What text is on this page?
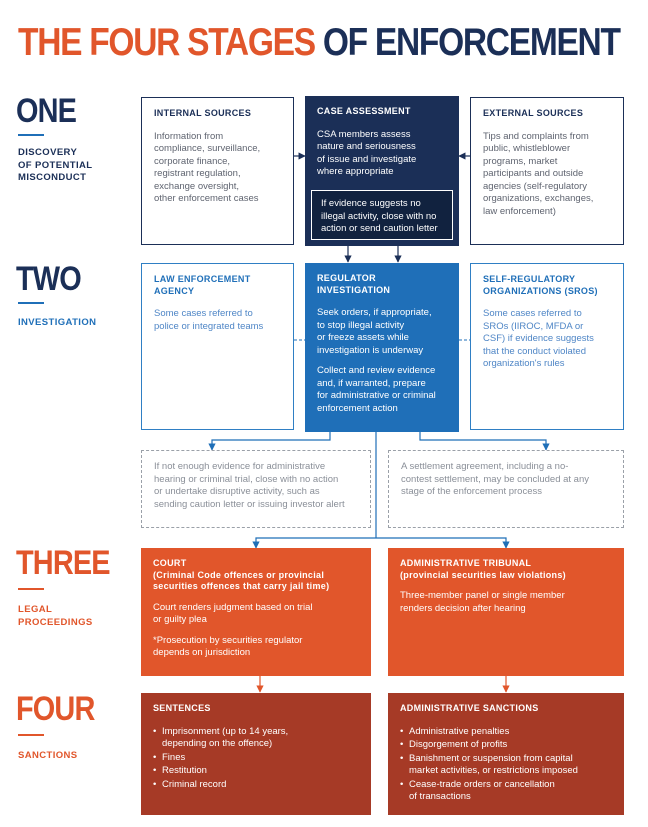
THE FOUR STAGES OF ENFORCEMENT
ONE
DISCOVERY
OF POTENTIAL
MISCONDUCT
INTERNAL SOURCES

Information from
compliance, surveillance,
corporate finance,
registrant regulation,
exchange oversight,
other enforcement cases

CASE ASSESSMENT

CSA members assess
nature and seriousness
of issue and investigate
where appropriate

If evidence suggests no
illegal activity, close with no
action or send caution letter
EXTERNAL SOURCES

Tips and complaints from
public, whistleblower
programs, market
participants and outside
agencies (self-regulatory
organizations, exchanges,
law enforcement)

TWO
INVESTIGATION
LAW ENFORCEMENT
AGENCY

Some cases referred to
police or integrated teams

REGULATOR
INVESTIGATION

Seek orders, if appropriate,
to stop illegal activity
or freeze assets while
investigation is underway

Collect and review evidence
and, if warranted, prepare
for administrative or criminal
enforcement action

SELF-REGULATORY
ORGANIZATIONS (SROS)

Some cases referred to
SROs (IIROC, MFDA or
CSF) if evidence suggests
that the conduct violated
organization's rules

If not enough evidence for administrative
hearing or criminal trial, close with no action
or undertake disruptive activity, such as
sending caution letter or issuing investor alert

A settlement agreement, including a no-
contest settlement, may be concluded at any
stage of the enforcement process

THREE
LEGAL
PROCEEDINGS
COURT
(Criminal Code offences or provincial
securities offences that carry jail time)

Court renders judgment based on trial
or guilty plea

*Prosecution by securities regulator
depends on jurisdiction

ADMINISTRATIVE TRIBUNAL
(provincial securities law violations)

Three-member panel or single member
renders decision after hearing

FOUR
SANCTIONS
SENTENCES
• Imprisonment (up to 14 years,
depending on the offence)
• Fines
• Restitution
• Criminal record
ADMINISTRATIVE SANCTIONS
• Administrative penalties
• Disgorgement of profits
• Banishment or suspension from capital
market activities, or restrictions imposed
• Cease-trade orders or cancellation
of transactions
